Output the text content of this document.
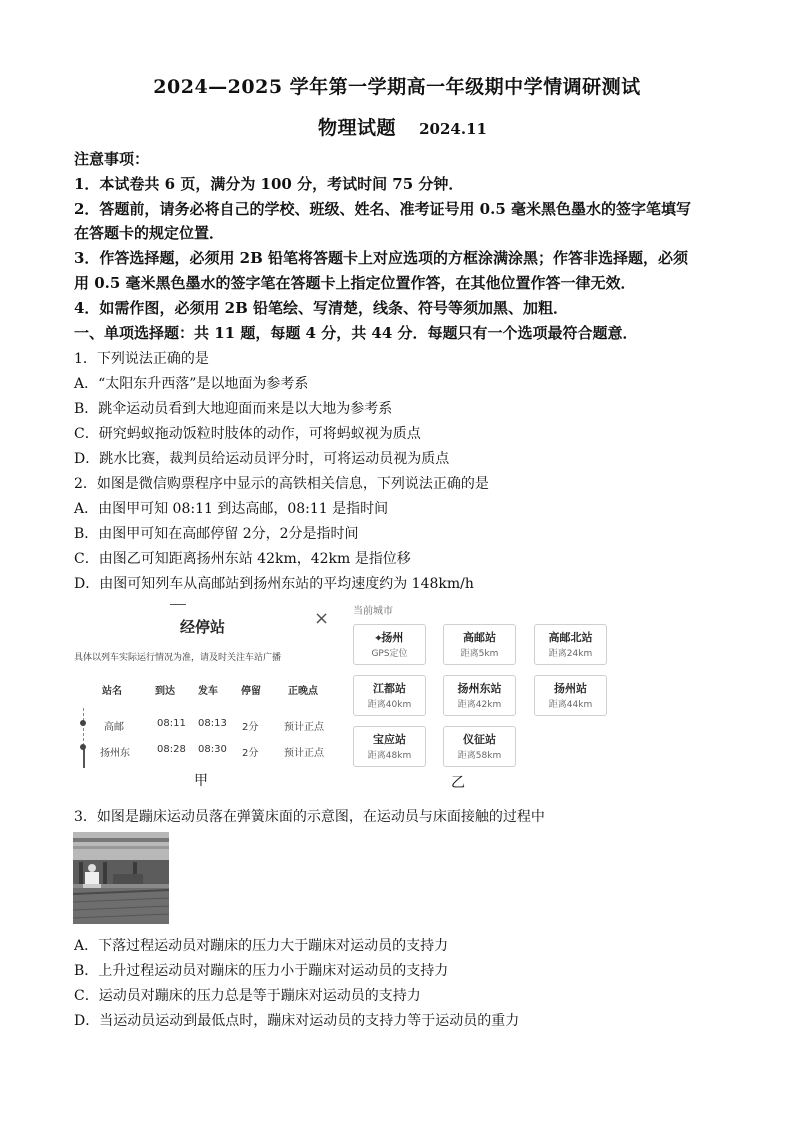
2024—2025 学年第一学期高一年级期中学情调研测试
物理试题 2024.11
注意事项：
1．本试卷共 6 页，满分为 100 分，考试时间 75 分钟．
2．答题前，请务必将自己的学校、班级、姓名、准考证号用 0.5 毫米黑色墨水的签字笔填写
在答题卡的规定位置．
3．作答选择题，必须用 2B 铅笔将答题卡上对应选项的方框涂满涂黑；作答非选择题，必须
用 0.5 毫米黑色墨水的签字笔在答题卡上指定位置作答，在其他位置作答一律无效．
4．如需作图，必须用 2B 铅笔绘、写清楚，线条、符号等须加黑、加粗．
一、单项选择题：共 11 题，每题 4 分，共 44 分．每题只有一个选项最符合题意．
1．下列说法正确的是
A．“太阳东升西落”是以地面为参考系
B．跳伞运动员看到大地迎面而来是以大地为参考系
C．研究蚂蚁拖动饭粒时肢体的动作，可将蚂蚁视为质点
D．跳水比赛，裁判员给运动员评分时，可将运动员视为质点
2．如图是微信购票程序中显示的高铁相关信息，下列说法正确的是
A．由图甲可知 08:11 到达高邮，08:11 是指时间
B．由图甲可知在高邮停留 2分，2分是指时间
C．由图乙可知距离扬州东站 42km，42km 是指位移
D．由图可知列车从高邮站到扬州东站的平均速度约为 148km/h
经停站	×
具体以列车实际运行情况为准，请及时关注车站广播
站名	到达 发车 停留	正晚点
高邮	08:11 08:13 2分	预计正点
扬州东	08:28 08:30 2分	预计正点
甲
当前城市
⌖扬州
GPS定位
高邮站
距离5km
高邮北站
距离24km
江都站
距离40km
扬州东站
距离42km
扬州站
距离44km
宝应站
距离48km
仪征站
距离58km
乙
3．如图是蹦床运动员落在弹簧床面的示意图，在运动员与床面接触的过程中
A．下落过程运动员对蹦床的压力大于蹦床对运动员的支持力
B．上升过程运动员对蹦床的压力小于蹦床对运动员的支持力
C．运动员对蹦床的压力总是等于蹦床对运动员的支持力
D．当运动员运动到最低点时，蹦床对运动员的支持力等于运动员的重力
